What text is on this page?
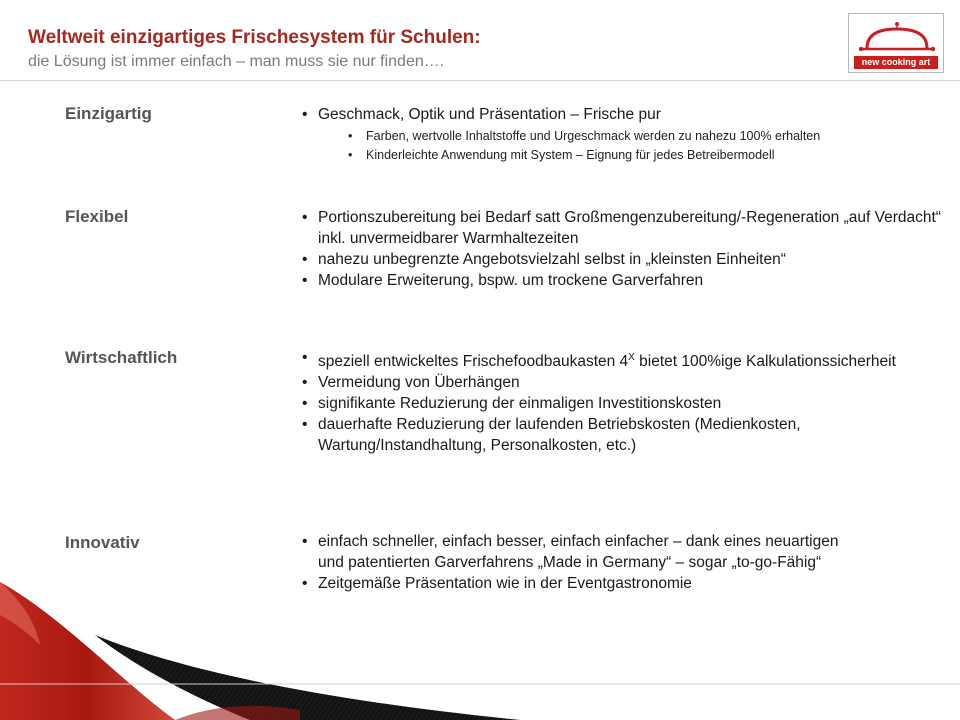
Weltweit einzigartiges Frischesystem für Schulen:
die Lösung ist immer einfach – man muss sie nur finden….	new cooking art
Einzigartig	• Geschmack, Optik und Präsentation – Frische pur
• Farben, wertvolle Inhaltstoffe und Urgeschmack werden zu nahezu 100% erhalten
• Kinderleichte Anwendung mit System – Eignung für jedes Betreibermodell
Flexibel	• Portionszubereitung bei Bedarf satt Großmengenzubereitung/-Regeneration „auf Verdacht“ inkl. unvermeidbarer Warmhaltezeiten
• nahezu unbegrenzte Angebotsvielzahl selbst in „kleinsten Einheiten“
• Modulare Erweiterung, bspw. um trockene Garverfahren
Wirtschaftlich	• speziell entwickeltes Frischefoodbaukasten $4^X$ bietet 100%ige Kalkulationssicherheit
• Vermeidung von Überhängen
• signifikante Reduzierung der einmaligen Investitionskosten
• dauerhafte Reduzierung der laufenden Betriebskosten (Medienkosten, Wartung/Instandhaltung, Personalkosten, etc.)
Innovativ	• einfach schneller, einfach besser, einfach einfacher – dank eines neuartigen und patentierten Garverfahrens „Made in Germany“ – sogar „to-go-Fähig“
• Zeitgemäße Präsentation wie in der Eventgastronomie
